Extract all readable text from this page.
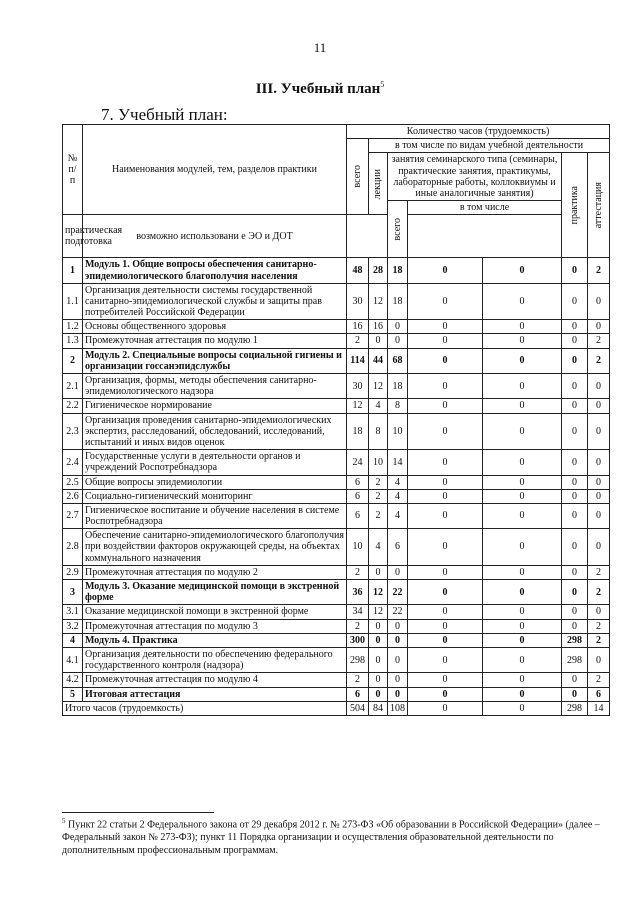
11
III. Учебный план$^5$
7. Учебный план:
№ п/ п	Наименования модулей, тем, разделов практики	Количество часов (трудоемкость)						

		всего	в том числе по видам учебной деятельности					

			лекции	занятия семинарского типа (семинары, практические занятия, практикумы, лабораторные работы, коллоквиумы и иные аналогичные занятия)			практика	аттестация

				всего	в том числе			
практическая подготовка	возможно использовани е ЭО и ДОТ							
1	Модуль 1. Общие вопросы обеспечения санитарно-эпидемиологического благополучия населения	48	28	18	0	0	0	2
1.1	Организация деятельности системы государственной санитарно-эпидемиологической службы и защиты прав потребителей Российской Федерации	30	12	18	0	0	0	0
1.2	Основы общественного здоровья	16	16	0	0	0	0	0
1.3	Промежуточная аттестация по модулю 1	2	0	0	0	0	0	2
2	Модуль 2. Специальные вопросы социальной гигиены и организации госсанэпидслужбы	114	44	68	0	0	0	2
2.1	Организация, формы, методы обеспечения санитарно-эпидемиологического надзора	30	12	18	0	0	0	0
2.2	Гигиеническое нормирование	12	4	8	0	0	0	0
2.3	Организация проведения санитарно-эпидемиологических экспертиз, расследований, обследований, исследований, испытаний и иных видов оценок	18	8	10	0	0	0	0
2.4	Государственные услуги в деятельности органов и учреждений Роспотребнадзора	24	10	14	0	0	0	0
2.5	Общие вопросы эпидемиологии	6	2	4	0	0	0	0
2.6	Социально-гигиенический мониторинг	6	2	4	0	0	0	0
2.7	Гигиеническое воспитание и обучение населения в системе Роспотребнадзора	6	2	4	0	0	0	0
2.8	Обеспечение санитарно-эпидемиологического благополучия при воздействии факторов окружающей среды, на объектах коммунального назначения	10	4	6	0	0	0	0
2.9	Промежуточная аттестация по модулю 2	2	0	0	0	0	0	2
3	Модуль 3. Оказание медицинской помощи в экстренной форме	36	12	22	0	0	0	2
3.1	Оказание медицинской помощи в экстренной форме	34	12	22	0	0	0	0
3.2	Промежуточная аттестация по модулю 3	2	0	0	0	0	0	2
4	Модуль 4. Практика	300	0	0	0	0	298	2
4.1	Организация деятельности по обеспечению федерального государственного контроля (надзора)	298	0	0	0	0	298	0
4.2	Промежуточная аттестация по модулю 4	2	0	0	0	0	0	2
5	Итоговая аттестация	6	0	0	0	0	0	6
Итого часов (трудоемкость)		504	84	108	0	0	298	14
$^5$ Пункт 22 статьи 2 Федерального закона от 29 декабря 2012 г. № 273-ФЗ «Об образовании в Российской Федерации» (далее – Федеральный закон № 273-ФЗ); пункт 11 Порядка организации и осуществления образовательной деятельности по дополнительным профессиональным программам.
